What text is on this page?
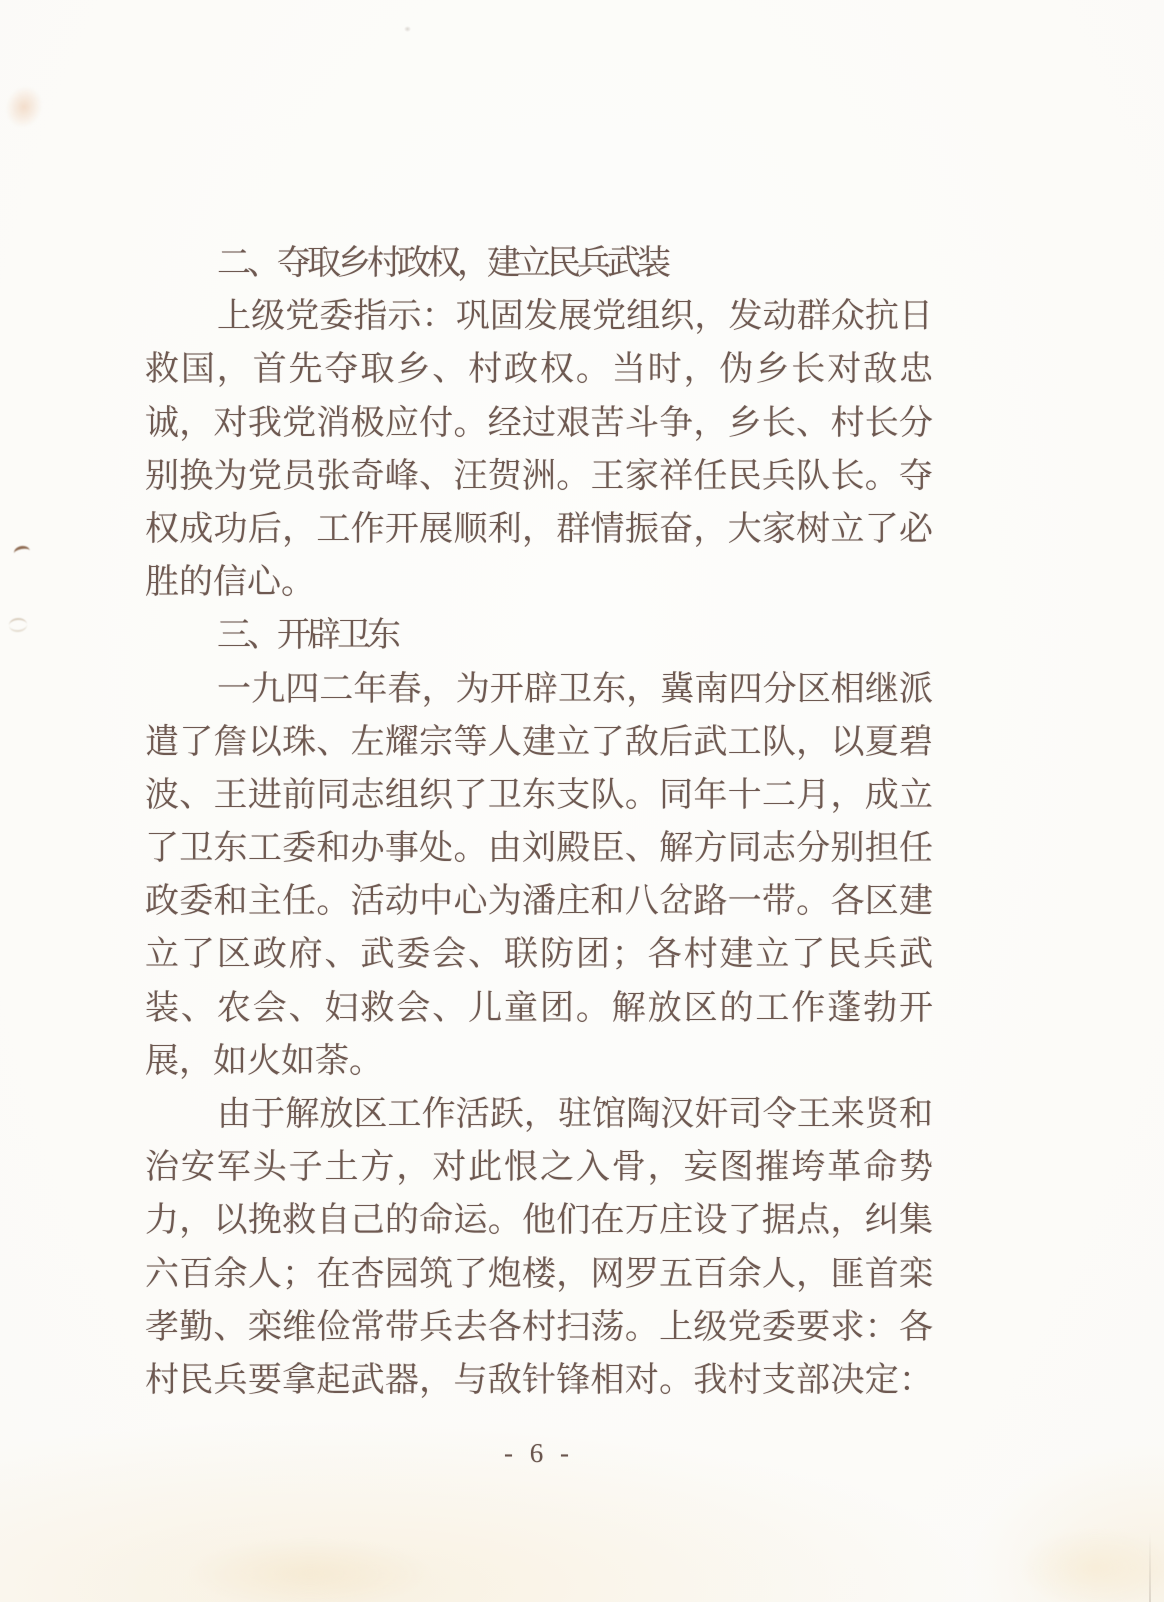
二、夺取乡村政权，建立民兵武装
上级党委指示：巩固发展党组织，发动群众抗日
救国，首先夺取乡、村政权。当时，伪乡长对敌忠
诚，对我党消极应付。经过艰苦斗争，乡长、村长分
别换为党员张奇峰、汪贺洲。王家祥任民兵队长。夺
权成功后，工作开展顺利，群情振奋，大家树立了必
胜的信心。
三、开辟卫东
一九四二年春，为开辟卫东，冀南四分区相继派
遣了詹以珠、左耀宗等人建立了敌后武工队，以夏碧
波、王进前同志组织了卫东支队。同年十二月，成立
了卫东工委和办事处。由刘殿臣、解方同志分别担任
政委和主任。活动中心为潘庄和八岔路一带。各区建
立了区政府、武委会、联防团；各村建立了民兵武
装、农会、妇救会、儿童团。解放区的工作蓬勃开
展，如火如荼。
由于解放区工作活跃，驻馆陶汉奸司令王来贤和
治安军头子土方，对此恨之入骨，妄图摧垮革命势
力，以挽救自己的命运。他们在万庄设了据点，纠集
六百余人；在杏园筑了炮楼，网罗五百余人，匪首栾
孝勤、栾维俭常带兵去各村扫荡。上级党委要求：各
村民兵要拿起武器，与敌针锋相对。我村支部决定：
- 6 -
